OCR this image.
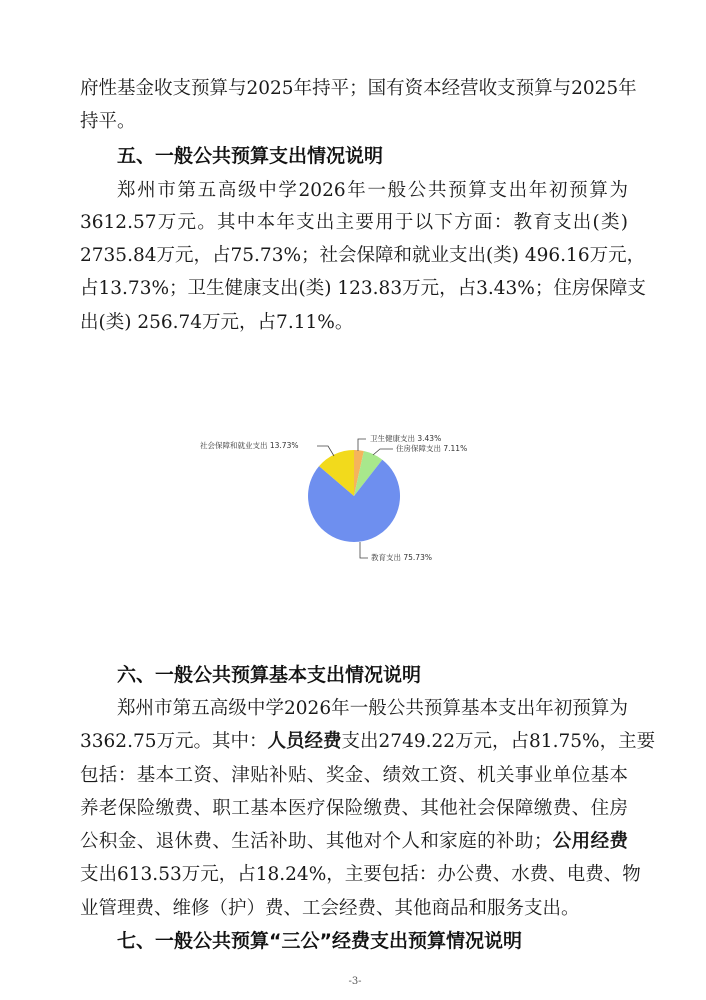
府性基金收支预算与2025年持平；国有资本经营收支预算与2025年
持平。
五、一般公共预算支出情况说明
郑州市第五高级中学2026年一般公共预算支出年初预算为
3612.57万元。其中本年支出主要用于以下方面：教育支出(类)
2735.84万元，占75.73%；社会保障和就业支出(类) 496.16万元，
占13.73%；卫生健康支出(类) 123.83万元，占3.43%；住房保障支
出(类) 256.74万元，占7.11%。
社会保障和就业支出 13.73%
卫生健康支出 3.43%
住房保障支出 7.11%
教育支出 75.73%
六、一般公共预算基本支出情况说明
郑州市第五高级中学2026年一般公共预算基本支出年初预算为
3362.75万元。其中：人员经费支出2749.22万元，占81.75%，主要
包括：基本工资、津贴补贴、奖金、绩效工资、机关事业单位基本
养老保险缴费、职工基本医疗保险缴费、其他社会保障缴费、住房
公积金、退休费、生活补助、其他对个人和家庭的补助；公用经费
支出613.53万元，占18.24%，主要包括：办公费、水费、电费、物
业管理费、维修（护）费、工会经费、其他商品和服务支出。
七、一般公共预算“三公”经费支出预算情况说明
-3-
